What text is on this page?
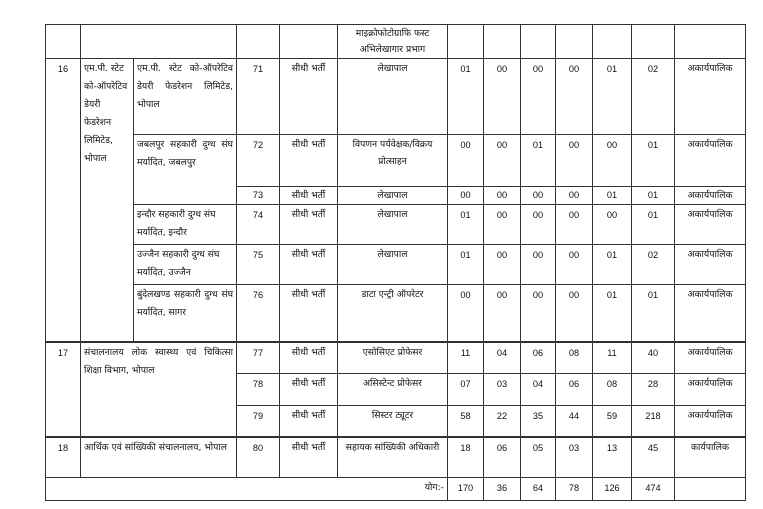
					माइक्रोफोटोग्राफि फस्ट अभिलेखागार प्रभाग							
16	एम.पी. स्टेट को-ऑपरेटिव डेयरी फेडरेशन लिमिटेड, भोपाल	एम.पी. स्टेट को-ऑपरेटिव डेयरी फेडरेशन लिमिटेड, भोपाल	71	सीधी भर्ती	लेखापाल	01	00	00	00	01	02	अकार्यपालिक
		जबलपुर सहकारी दुग्ध संघ मर्यादित, जबलपुर	72	सीधी भर्ती	विपणन पर्यवेक्षक/विक्रय प्रोत्साहन	00	00	01	00	00	01	अकार्यपालिक
			73	सीधी भर्ती	लेखापाल	00	00	00	00	01	01	अकार्यपालिक
		इन्दौर सहकारी दुग्ध संघ मर्यादित, इन्दौर	74	सीधी भर्ती	लेखापाल	01	00	00	00	00	01	अकार्यपालिक
		उज्जैन सहकारी दुग्ध संघ मर्यादित, उज्जैन	75	सीधी भर्ती	लेखापाल	01	00	00	00	01	02	अकार्यपालिक
		बुंदेलखण्ड सहकारी दुग्ध संघ मर्यादित, सागर	76	सीधी भर्ती	डाटा एन्ट्री ऑपरेटर	00	00	00	00	01	01	अकार्यपालिक
17	संचालनालय लोक स्वास्थ्य एवं चिकित्सा शिक्षा विभाग, भोपाल		77	सीधी भर्ती	एसोसिएट प्रोफेसर	11	04	06	08	11	40	अकार्यपालिक
			78	सीधी भर्ती	असिस्टेन्ट प्रोफेसर	07	03	04	06	08	28	अकार्यपालिक
			79	सीधी भर्ती	सिस्टर ट्यूटर	58	22	35	44	59	218	अकार्यपालिक
18	आर्थिक एवं सांख्यिकी संचालनालय, भोपाल		80	सीधी भर्ती	सहायक सांख्यिकी अधिकारी	18	06	05	03	13	45	कार्यपालिक
योग:-						170	36	64	78	126	474	
